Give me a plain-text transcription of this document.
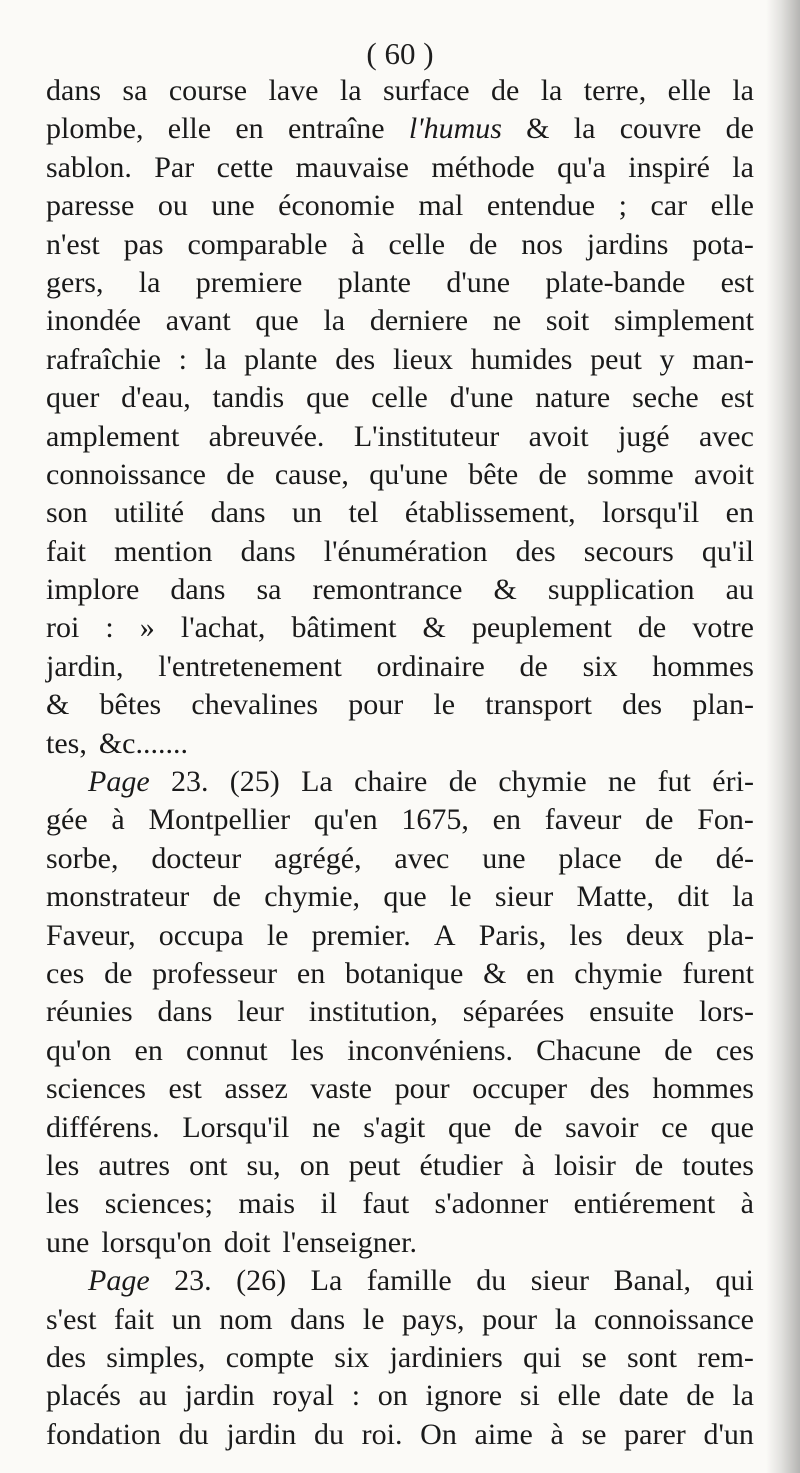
( 60 )
dans sa course lave la surface de la terre, elle la
plombe, elle en entraîne l'humus & la couvre de
sablon. Par cette mauvaise méthode qu'a inspiré la
paresse ou une économie mal entendue ; car elle
n'est pas comparable à celle de nos jardins pota-
gers, la premiere plante d'une plate-bande est
inondée avant que la derniere ne soit simplement
rafraîchie : la plante des lieux humides peut y man-
quer d'eau, tandis que celle d'une nature seche est
amplement abreuvée. L'instituteur avoit jugé avec
connoissance de cause, qu'une bête de somme avoit
son utilité dans un tel établissement, lorsqu'il en
fait mention dans l'énumération des secours qu'il
implore dans sa remontrance & supplication au
roi : » l'achat, bâtiment & peuplement de votre
jardin, l'entretenement ordinaire de six hommes
& bêtes chevalines pour le transport des plan-
tes, &c.......
Page 23. (25) La chaire de chymie ne fut éri-
gée à Montpellier qu'en 1675, en faveur de Fon-
sorbe, docteur agrégé, avec une place de dé-
monstrateur de chymie, que le sieur Matte, dit la
Faveur, occupa le premier. A Paris, les deux pla-
ces de professeur en botanique & en chymie furent
réunies dans leur institution, séparées ensuite lors-
qu'on en connut les inconvéniens. Chacune de ces
sciences est assez vaste pour occuper des hommes
différens. Lorsqu'il ne s'agit que de savoir ce que
les autres ont su, on peut étudier à loisir de toutes
les sciences; mais il faut s'adonner entiérement à
une lorsqu'on doit l'enseigner.
Page 23. (26) La famille du sieur Banal, qui
s'est fait un nom dans le pays, pour la connoissance
des simples, compte six jardiniers qui se sont rem-
placés au jardin royal : on ignore si elle date de la
fondation du jardin du roi. On aime à se parer d'un
